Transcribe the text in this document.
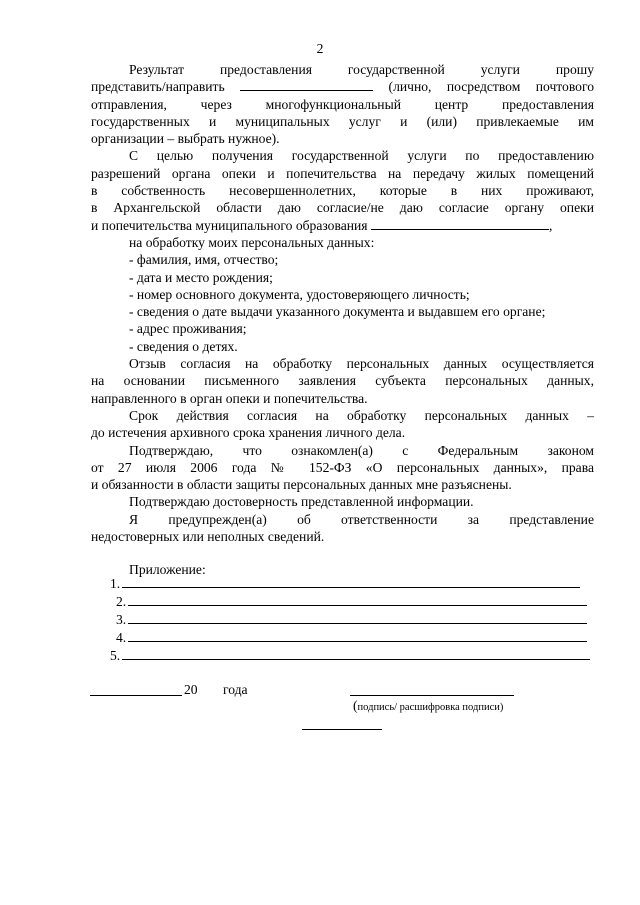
2

Результат предоставления государственной услуги прошу

представить/направить	(лично, посредством почтового

отправления, через многофункциональный центр предоставления

государственных и муниципальных услуг и (или) привлекаемые им

организации – выбрать нужное).

С целью получения государственной услуги по предоставлению

разрешений органа опеки и попечительства на передачу жилых помещений

в собственность несовершеннолетних, которые в них проживают,

в Архангельской области даю согласие/не даю согласие органу опеки

и попечительства муниципального образования	,

на обработку моих персональных данных:

- фамилия, имя, отчество;
- дата и место рождения;
- номер основного документа, удостоверяющего личность;
- сведения о дате выдачи указанного документа и выдавшем его органе;
- адрес проживания;
- сведения о детях.

Отзыв согласия на обработку персональных данных осуществляется

на основании письменного заявления субъекта персональных данных,

направленного в орган опеки и попечительства.

Срок действия согласия на обработку персональных данных –

до истечения архивного срока хранения личного дела.

Подтверждаю, что ознакомлен(а) с Федеральным законом

от 27 июля 2006 года № 152-ФЗ «О персональных данных», права

и обязанности в области защиты персональных данных мне разъяснены.

Подтверждаю достоверность представленной информации.

Я предупрежден(а) об ответственности за представление

недостоверных или неполных сведений.

Приложение:
1.
2.
3.
4.
5.
20 года
(подпись/ расшифровка подписи)
